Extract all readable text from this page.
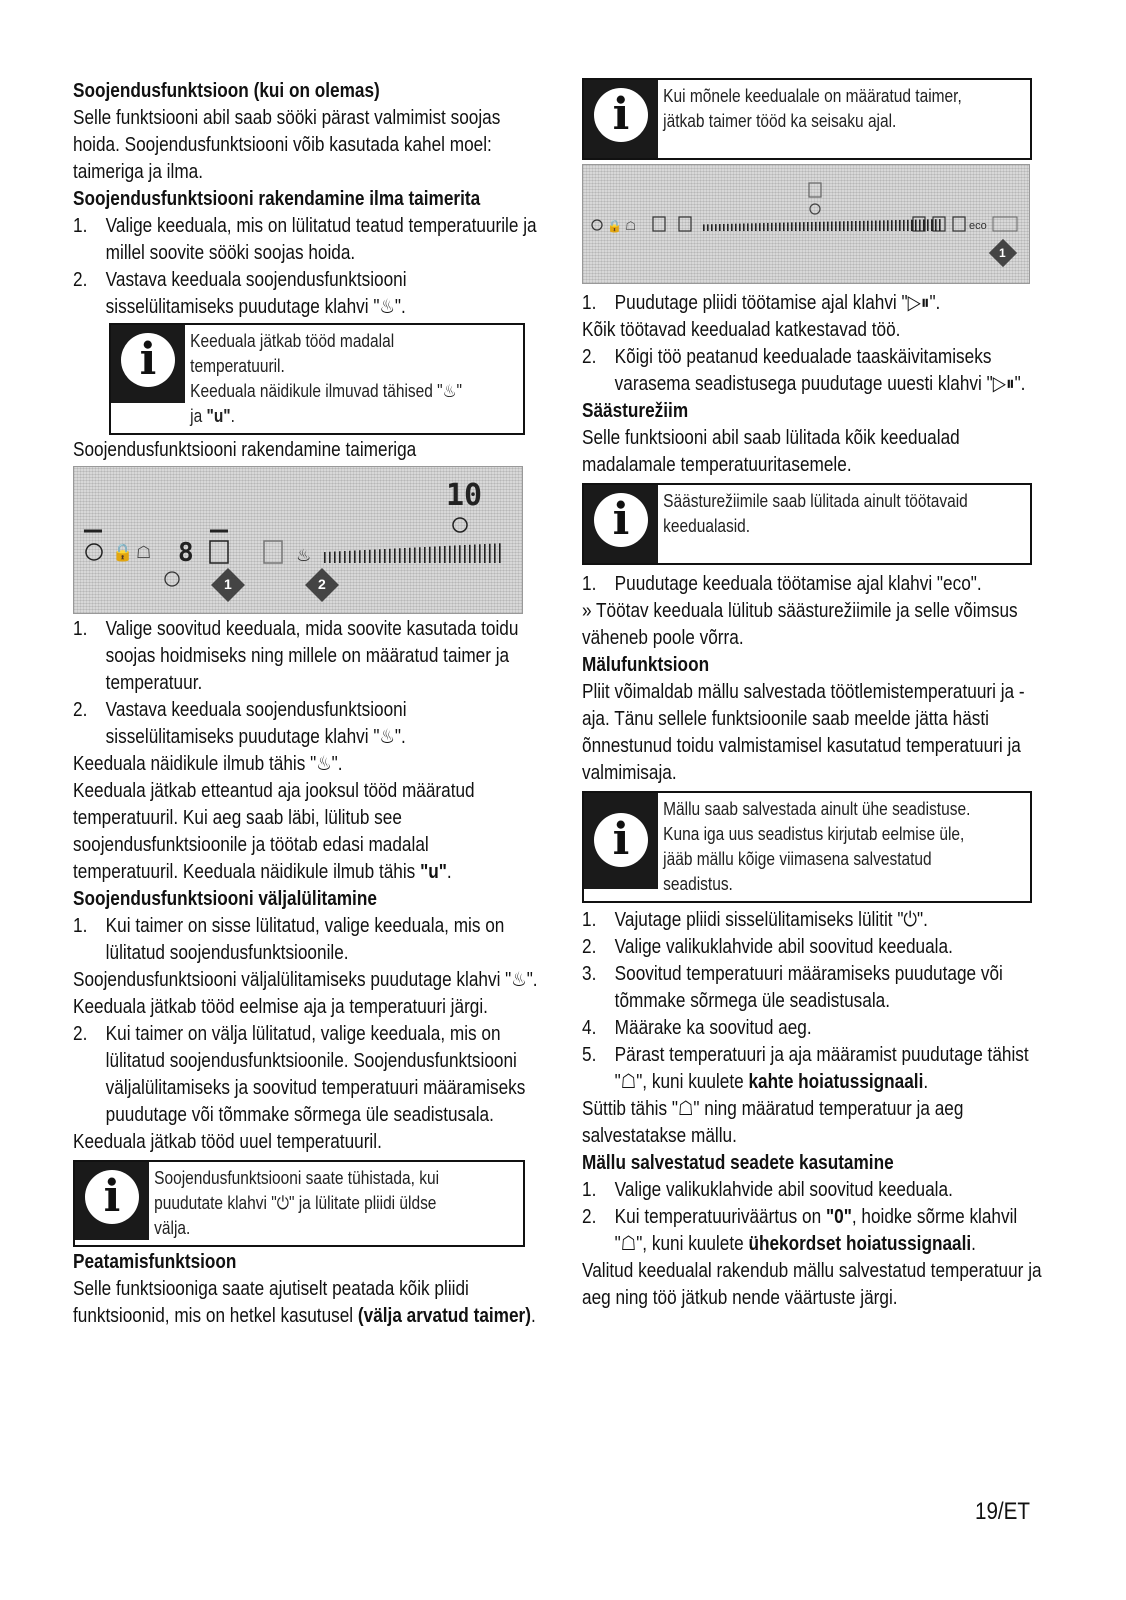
Soojendusfunktsioon (kui on olemas)

Selle funktsiooni abil saab sööki pärast valmimist soojas hoida. Soojendusfunktsiooni võib kasutada kahel moel: taimeriga ja ilma.

Soojendusfunktsiooni rakendamine ilma taimerita

1. Valige keeduala, mis on lülitatud teatud temperatuurile ja millel soovite sööki soojas hoida.
2. Vastava keeduala soojendusfunktsiooni sisselülitamiseks puudutage klahvi "♨".
i	Keeduala jätkab tööd madalal temperatuuril.
Keeduala näidikule ilmuvad tähised "♨" ja "u".

Soojendusfunktsiooni rakendamine taimeriga

🔒 ☖ 8	♨
10
1	2
1. Valige soovitud keeduala, mida soovite kasutada toidu soojas hoidmiseks ning millele on määratud taimer ja temperatuur.
2. Vastava keeduala soojendusfunktsiooni sisselülitamiseks puudutage klahvi "♨".

Keeduala näidikule ilmub tähis "♨".

Keeduala jätkab etteantud aja jooksul tööd määratud temperatuuril. Kui aeg saab läbi, lülitub see soojendusfunktsioonile ja töötab edasi madalal temperatuuril. Keeduala näidikule ilmub tähis "u".

Soojendusfunktsiooni väljalülitamine

1. Kui taimer on sisse lülitatud, valige keeduala, mis on lülitatud soojendusfunktsioonile.

Soojendusfunktsiooni väljalülitamiseks puudutage klahvi "♨".

Keeduala jätkab tööd eelmise aja ja temperatuuri järgi.

2. Kui taimer on välja lülitatud, valige keeduala, mis on lülitatud soojendusfunktsioonile. Soojendusfunktsiooni väljalülitamiseks ja soovitud temperatuuri määramiseks puudutage või tõmmake sõrmega üle seadistusala.

Keeduala jätkab tööd uuel temperatuuril.

i	Soojendusfunktsiooni saate tühistada, kui puudutate klahvi "⏻" ja lülitate pliidi üldse välja.

Peatamisfunktsioon

Selle funktsiooniga saate ajutiselt peatada kõik pliidi funktsioonid, mis on hetkel kasutusel (välja arvatud taimer).

i	Kui mõnele keedualale on määratud taimer, jätkab taimer tööd ka seisaku ajal.
🔒 ☖	eco
1
1. Puudutage pliidi töötamise ajal klahvi "▷⏸".

Kõik töötavad keedualad katkestavad töö.

2. Kõigi töö peatanud keedualade taaskäivitamiseks varasema seadistusega puudutage uuesti klahvi "▷⏸".

Säästurežiim

Selle funktsiooni abil saab lülitada kõik keedualad madalamale temperatuuritasemele.

i	Säästurežiimile saab lülitada ainult töötavaid keedualasid.
1. Puudutage keeduala töötamise ajal klahvi "eco".

» Töötav keeduala lülitub säästurežiimile ja selle võimsus väheneb poole võrra.

Mälufunktsioon

Pliit võimaldab mällu salvestada töötlemistemperatuuri ja -aja. Tänu sellele funktsioonile saab meelde jätta hästi õnnestunud toidu valmistamisel kasutatud temperatuuri ja valmimisaja.

i
Mällu saab salvestada ainult ühe seadistuse. Kuna iga uus seadistus kirjutab eelmise üle, jääb mällu kõige viimasena salvestatud seadistus.
1. Vajutage pliidi sisselülitamiseks lülitit "⏻".
2. Valige valikuklahvide abil soovitud keeduala.
3. Soovitud temperatuuri määramiseks puudutage või tõmmake sõrmega üle seadistusala.
4. Määrake ka soovitud aeg.
5. Pärast temperatuuri ja aja määramist puudutage tähist "☖", kuni kuulete kahte hoiatussignaali.

Süttib tähis "☖" ning määratud temperatuur ja aeg salvestatakse mällu.

Mällu salvestatud seadete kasutamine

1. Valige valikuklahvide abil soovitud keeduala.
2. Kui temperatuuriväärtus on "0", hoidke sõrme klahvil "☖", kuni kuulete ühekordset hoiatussignaali.

Valitud keedualal rakendub mällu salvestatud temperatuur ja aeg ning töö jätkub nende väärtuste järgi.

19/ET
